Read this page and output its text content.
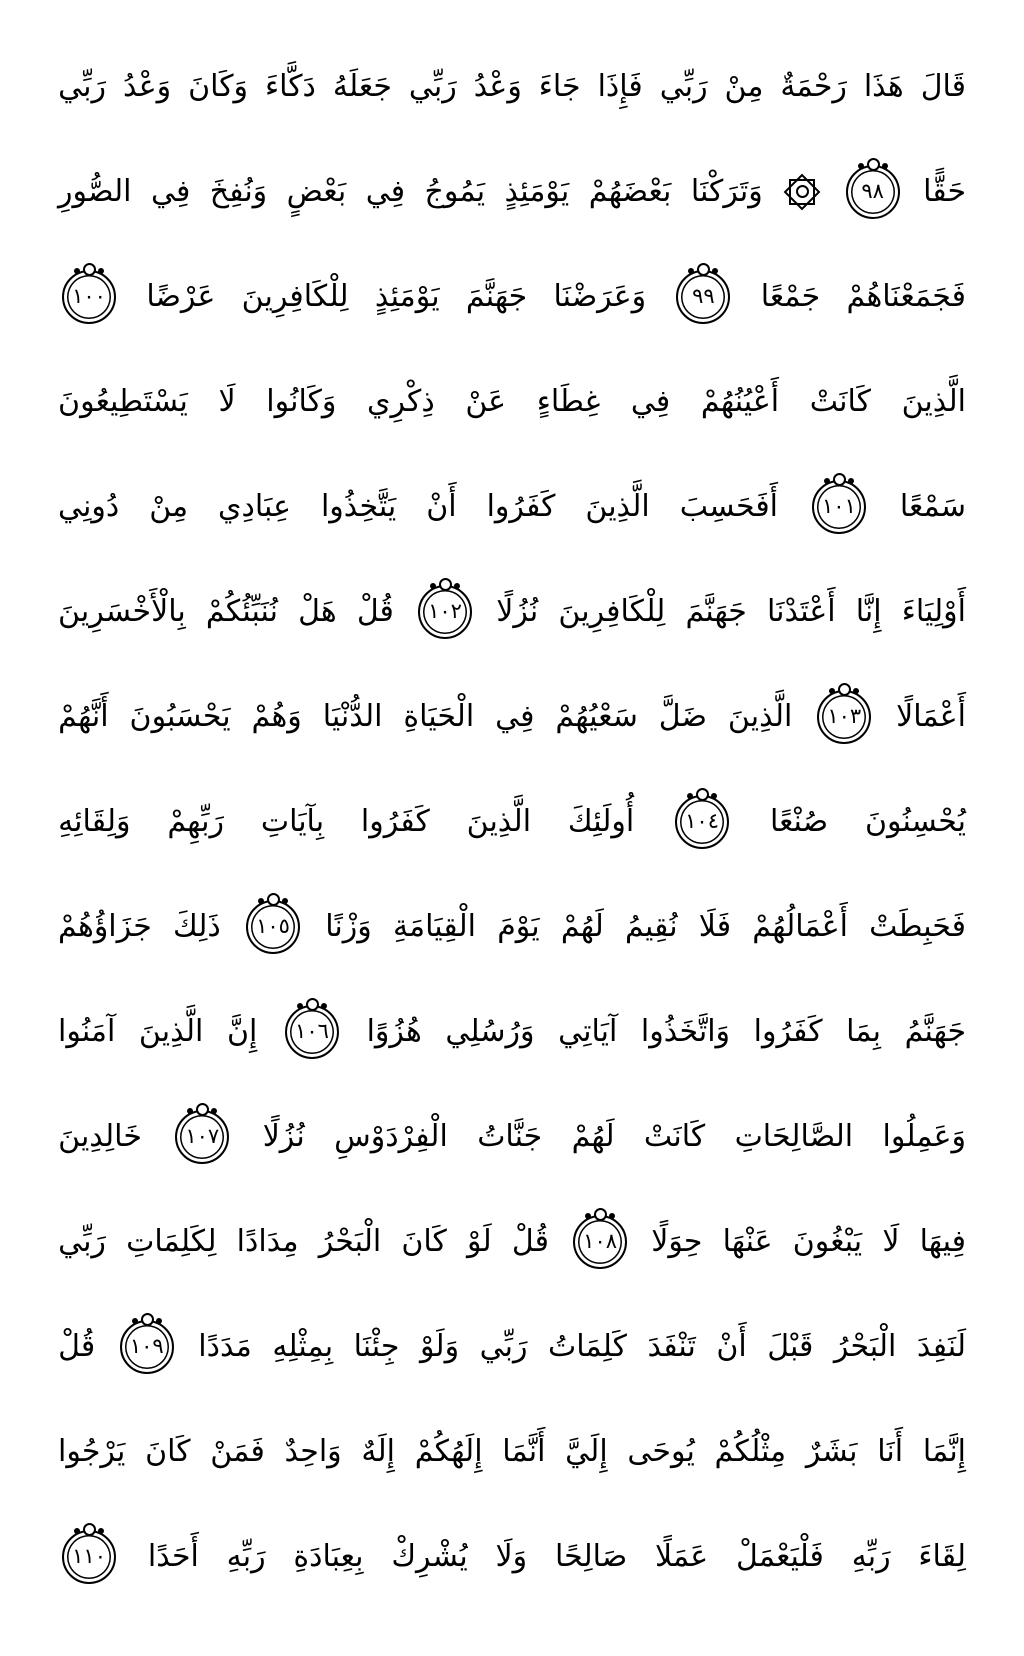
قَالَ
هَذَا
رَحْمَةٌ
مِنْ
رَبِّي
فَإِذَا
جَاءَ
وَعْدُ
رَبِّي
جَعَلَهُ
دَكَّاءَ
وَكَانَ
وَعْدُ
رَبِّي
حَقًّا
٩٨
وَتَرَكْنَا
بَعْضَهُمْ
يَوْمَئِذٍ
يَمُوجُ
فِي
بَعْضٍ
وَنُفِخَ
فِي
الصُّورِ
فَجَمَعْنَاهُمْ
جَمْعًا
٩٩
وَعَرَضْنَا
جَهَنَّمَ
يَوْمَئِذٍ
لِلْكَافِرِينَ
عَرْضًا
١٠٠
الَّذِينَ
كَانَتْ
أَعْيُنُهُمْ
فِي
غِطَاءٍ
عَنْ
ذِكْرِي
وَكَانُوا
لَا
يَسْتَطِيعُونَ
سَمْعًا
١٠١
أَفَحَسِبَ
الَّذِينَ
كَفَرُوا
أَنْ
يَتَّخِذُوا
عِبَادِي
مِنْ
دُونِي
أَوْلِيَاءَ
إِنَّا
أَعْتَدْنَا
جَهَنَّمَ
لِلْكَافِرِينَ
نُزُلًا
١٠٢
قُلْ
هَلْ
نُنَبِّئُكُمْ
بِالْأَخْسَرِينَ
أَعْمَالًا
١٠٣
الَّذِينَ
ضَلَّ
سَعْيُهُمْ
فِي
الْحَيَاةِ
الدُّنْيَا
وَهُمْ
يَحْسَبُونَ
أَنَّهُمْ
يُحْسِنُونَ
صُنْعًا
١٠٤
أُولَئِكَ
الَّذِينَ
كَفَرُوا
بِآيَاتِ
رَبِّهِمْ
وَلِقَائِهِ
فَحَبِطَتْ
أَعْمَالُهُمْ
فَلَا
نُقِيمُ
لَهُمْ
يَوْمَ
الْقِيَامَةِ
وَزْنًا
١٠٥
ذَلِكَ
جَزَاؤُهُمْ
جَهَنَّمُ
بِمَا
كَفَرُوا
وَاتَّخَذُوا
آيَاتِي
وَرُسُلِي
هُزُوًا
١٠٦
إِنَّ
الَّذِينَ
آمَنُوا
وَعَمِلُوا
الصَّالِحَاتِ
كَانَتْ
لَهُمْ
جَنَّاتُ
الْفِرْدَوْسِ
نُزُلًا
١٠٧
خَالِدِينَ
فِيهَا
لَا
يَبْغُونَ
عَنْهَا
حِوَلًا
١٠٨
قُلْ
لَوْ
كَانَ
الْبَحْرُ
مِدَادًا
لِكَلِمَاتِ
رَبِّي
لَنَفِدَ
الْبَحْرُ
قَبْلَ
أَنْ
تَنْفَدَ
كَلِمَاتُ
رَبِّي
وَلَوْ
جِئْنَا
بِمِثْلِهِ
مَدَدًا
١٠٩
قُلْ
إِنَّمَا
أَنَا
بَشَرٌ
مِثْلُكُمْ
يُوحَى
إِلَيَّ
أَنَّمَا
إِلَهُكُمْ
إِلَهٌ
وَاحِدٌ
فَمَنْ
كَانَ
يَرْجُوا
لِقَاءَ
رَبِّهِ
فَلْيَعْمَلْ
عَمَلًا
صَالِحًا
وَلَا
يُشْرِكْ
بِعِبَادَةِ
رَبِّهِ
أَحَدًا
١١٠
